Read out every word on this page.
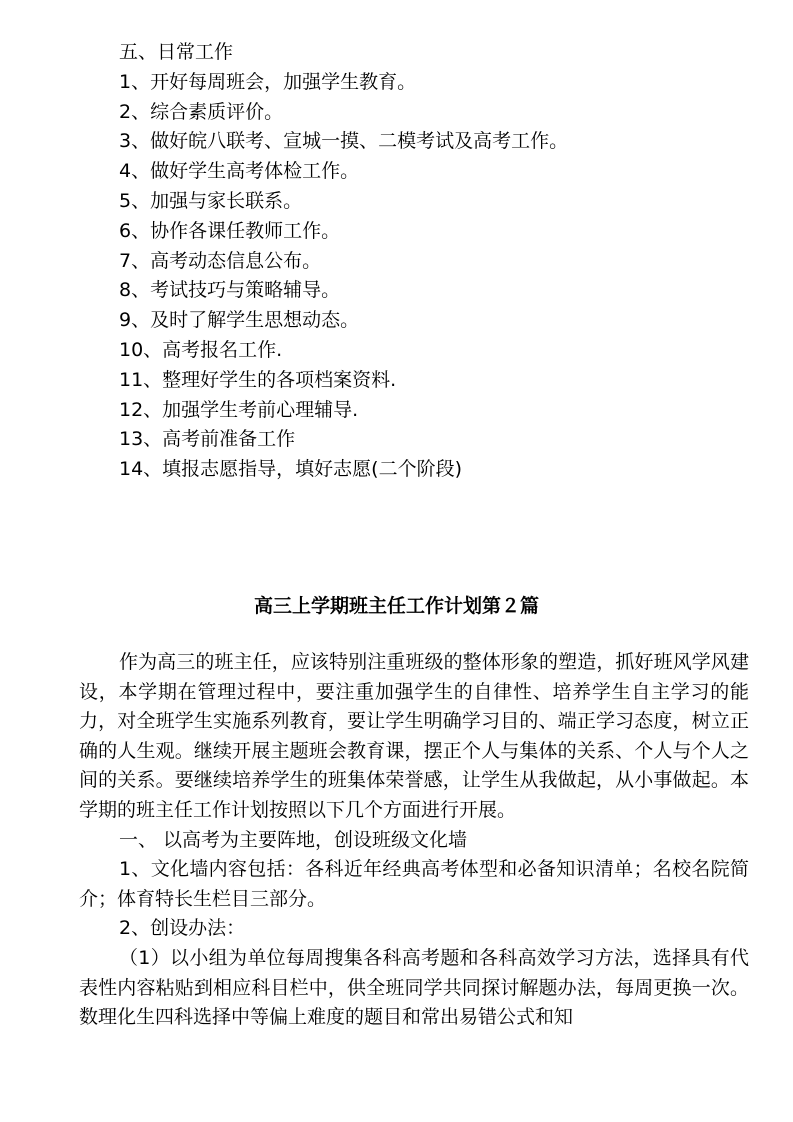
五、日常工作
1、开好每周班会，加强学生教育。
2、综合素质评价。
3、做好皖八联考、宣城一摸、二模考试及高考工作。
4、做好学生高考体检工作。
5、加强与家长联系。
6、协作各课任教师工作。
7、高考动态信息公布。
8、考试技巧与策略辅导。
9、及时了解学生思想动态。
10、高考报名工作.
11、整理好学生的各项档案资料.
12、加强学生考前心理辅导.
13、高考前准备工作
14、填报志愿指导，填好志愿(二个阶段)
高三上学期班主任工作计划第２篇

作为高三的班主任，应该特别注重班级的整体形象的塑造，抓好班风学风建设，本学期在管理过程中，要注重加强学生的自律性、培养学生自主学习的能力，对全班学生实施系列教育，要让学生明确学习目的、端正学习态度，树立正确的人生观。继续开展主题班会教育课，摆正个人与集体的关系、个人与个人之间的关系。要继续培养学生的班集体荣誉感，让学生从我做起，从小事做起。本学期的班主任工作计划按照以下几个方面进行开展。

一、 以高考为主要阵地，创设班级文化墙

1、文化墙内容包括：各科近年经典高考体型和必备知识清单；名校名院简介；体育特长生栏目三部分。

2、创设办法：

（1）以小组为单位每周搜集各科高考题和各科高效学习方法，选择具有代表性内容粘贴到相应科目栏中，供全班同学共同探讨解题办法，每周更换一次。数理化生四科选择中等偏上难度的题目和常出易错公式和知
